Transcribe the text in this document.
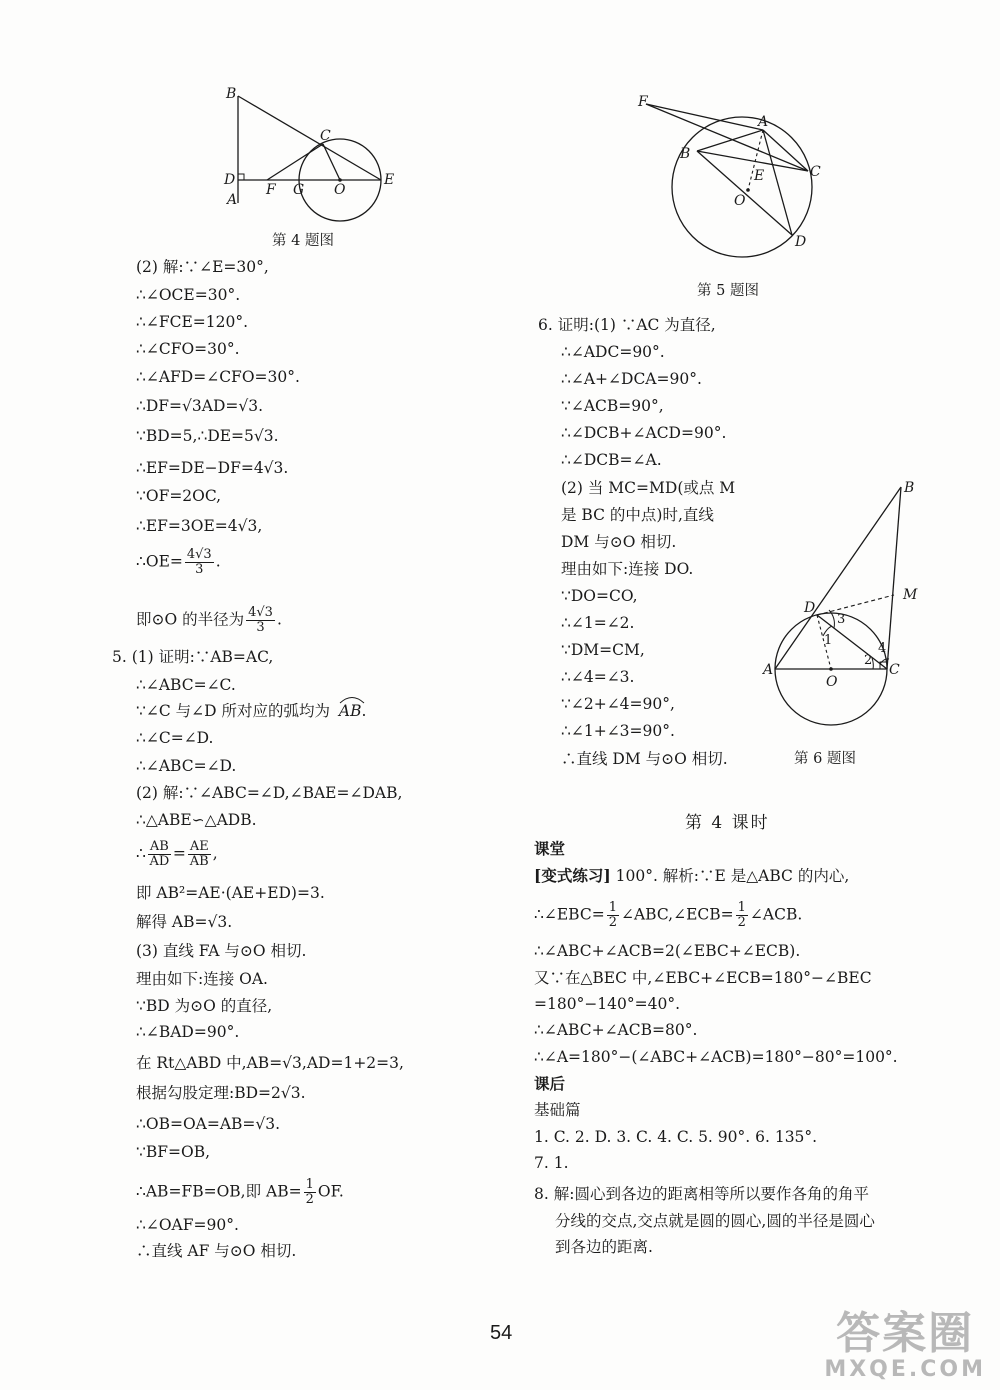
B
C
D
A
F G O
E
第 4 题图
(2) 解:∵∠E=30°,
∴∠OCE=30°.
∴∠FCE=120°.
∴∠CFO=30°.
∴∠AFD=∠CFO=30°.
∴DF=√3AD=√3.
∵BD=5,∴DE=5√3.
∴EF=DE−DF=4√3.
∵OF=2OC,
∴EF=3OE=4√3,
∴OE= $\frac{4√3}{3}$ .
即⊙O 的半径为 $\frac{4√3}{3}$ .
5. (1) 证明:∵AB=AC,
∴∠ABC=∠C.
∵∠C 与∠D 所对应的弧均为 AB.
∴∠C=∠D.
∴∠ABC=∠D.
(2) 解:∵∠ABC=∠D,∠BAE=∠DAB,
∴△ABE∽△ADB.
∴ $\frac{AB}{AD} = \frac{AE}{AB}$ ,
即 AB²=AE·(AE+ED)=3.
解得 AB=√3.
(3) 直线 FA 与⊙O 相切.
理由如下:连接 OA.
∵BD 为⊙O 的直径,
∴∠BAD=90°.
在 Rt△ABD 中,AB=√3,AD=1+2=3,
根据勾股定理:BD=2√3.
∴OB=OA=AB=√3.
∵BF=OB,
∴AB=FB=OB,即 $AB= \frac{1}{2}$ OF.
∴∠OAF=90°.
∴直线 AF 与⊙O 相切.
F
A
B
C
E
O
D
第 5 题图
6. 证明:(1) ∵AC 为直径,
∴∠ADC=90°.
∴∠A+∠DCA=90°.
∵∠ACB=90°,
∴∠DCB+∠ACD=90°.
∴∠DCB=∠A.
(2) 当 MC=MD(或点 M
是 BC 的中点)时,直线
DM 与⊙O 相切.
理由如下:连接 DO.
∵DO=CO,
∴∠1=∠2.
∵DM=CM,
∴∠4=∠3.
∵∠2+∠4=90°,
∴∠1+∠3=90°.
∴直线 DM 与⊙O 相切.
B
M
D
A
O
C
1
2
3
4
第 6 题图
第 4 课时
课堂
[变式练习] 100°. 解析:∵E 是△ABC 的内心,
∴∠EBC= $\frac{1}{2}$ ∠ABC,∠ECB= $\frac{1}{2}$ ∠ACB.
∴∠ABC+∠ACB=2(∠EBC+∠ECB).
又∵在△BEC 中,∠EBC+∠ECB=180°−∠BEC
=180°−140°=40°.
∴∠ABC+∠ACB=80°.
∴∠A=180°−(∠ABC+∠ACB)=180°−80°=100°.
课后
基础篇
1. C. 2. D. 3. C. 4. C. 5. 90°. 6. 135°.
7. 1.
8. 解:圆心到各边的距离相等所以要作各角的角平
分线的交点,交点就是圆的圆心,圆的半径是圆心
到各边的距离.
54	答案圈
MXQE.COM
